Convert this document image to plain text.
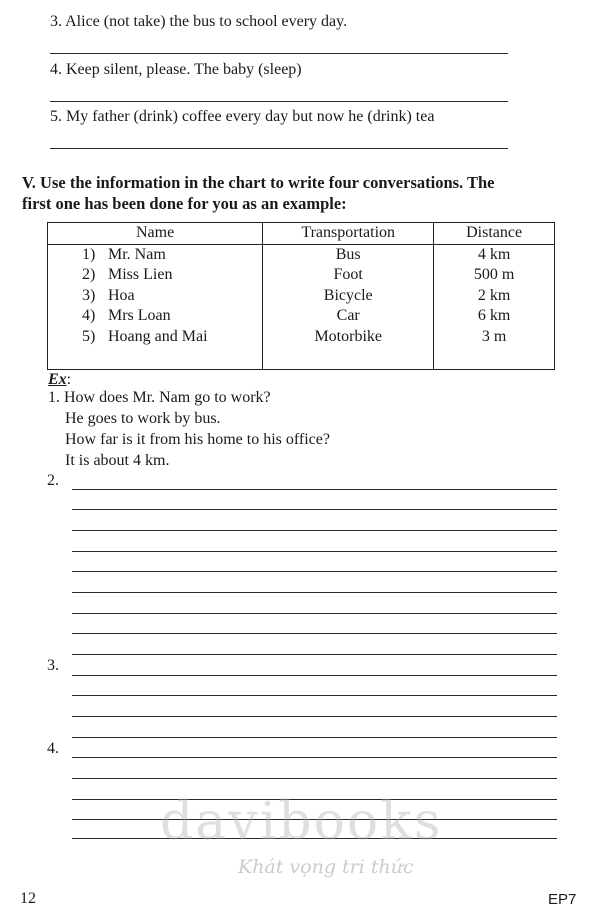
3. Alice (not take) the bus to school every day.
4. Keep silent, please. The baby (sleep)
5. My father (drink) coffee every day but now he (drink) tea
V. Use the information in the chart to write four conversations. The
first one has been done for you as an example:
Name	Transportation	Distance
1) Mr. Nam	Bus	4 km
2) Miss Lien	Foot	500 m
3) Hoa	Bicycle	2 km
4) Mrs Loan	Car	6 km
5) Hoang and Mai	Motorbike	3 m

Ex:
1. How does Mr. Nam go to work?
He goes to work by bus.
How far is it from his home to his office?
It is about 4 km.
2.
3.
4.
davibooks
Khát vọng tri thức
12	EP7
